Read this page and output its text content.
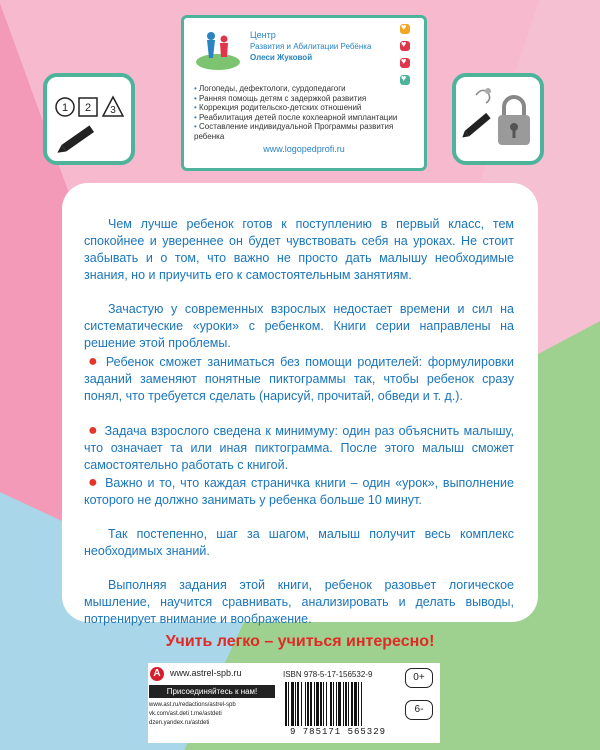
1 2 3
Центр
Развития и Абилитации Ребёнка
Олеси Жуковой
♥
♥
♥
♥
• Логопеды, дефектологи, сурдопедагоги
• Ранняя помощь детям с задержкой развития
• Коррекция родительско-детских отношений
• Реабилитация детей после кохлеарной имплантации
• Составление индивидуальной Программы развития ребенка
www.logopedprofi.ru
Чем лучше ребенок готов к поступлению в первый класс, тем спокойнее и увереннее он будет чувствовать себя на уроках. Не стоит забывать и о том, что важно не просто дать малышу необходимые знания, но и приучить его к самостоятельным занятиям.
Зачастую у современных взрослых недостает времени и сил на систематические «уроки» с ребенком. Книги серии направлены на решение этой проблемы.
● Ребенок сможет заниматься без помощи родителей: формулировки заданий заменяют понятные пиктограммы так, чтобы ребенок сразу понял, что требуется сделать (нарисуй, прочитай, обведи и т. д.).
● Задача взрослого сведена к минимуму: один раз объяснить малышу, что означает та или иная пиктограмма. После этого малыш сможет самостоятельно работать с книгой.
● Важно и то, что каждая страничка книги – один «урок», выполнение которого не должно занимать у ребенка больше 10 минут.
Так постепенно, шаг за шагом, малыш получит весь комплекс необходимых знаний.
Выполняя задания этой книги, ребенок разовьет логическое мышление, научится сравнивать, анализировать и делать выводы, потренирует внимание и воображение.
Учить легко – учиться интересно!
A	www.astrel-spb.ru
Присоединяйтесь к нам!
www.ast.ru/redactions/astrel-spb
vk.com/ast.deti t.me/astdeti
dzen.yandex.ru/astdeti
ISBN 978-5-17-156532-9
9 785171 565329
0+
6-
